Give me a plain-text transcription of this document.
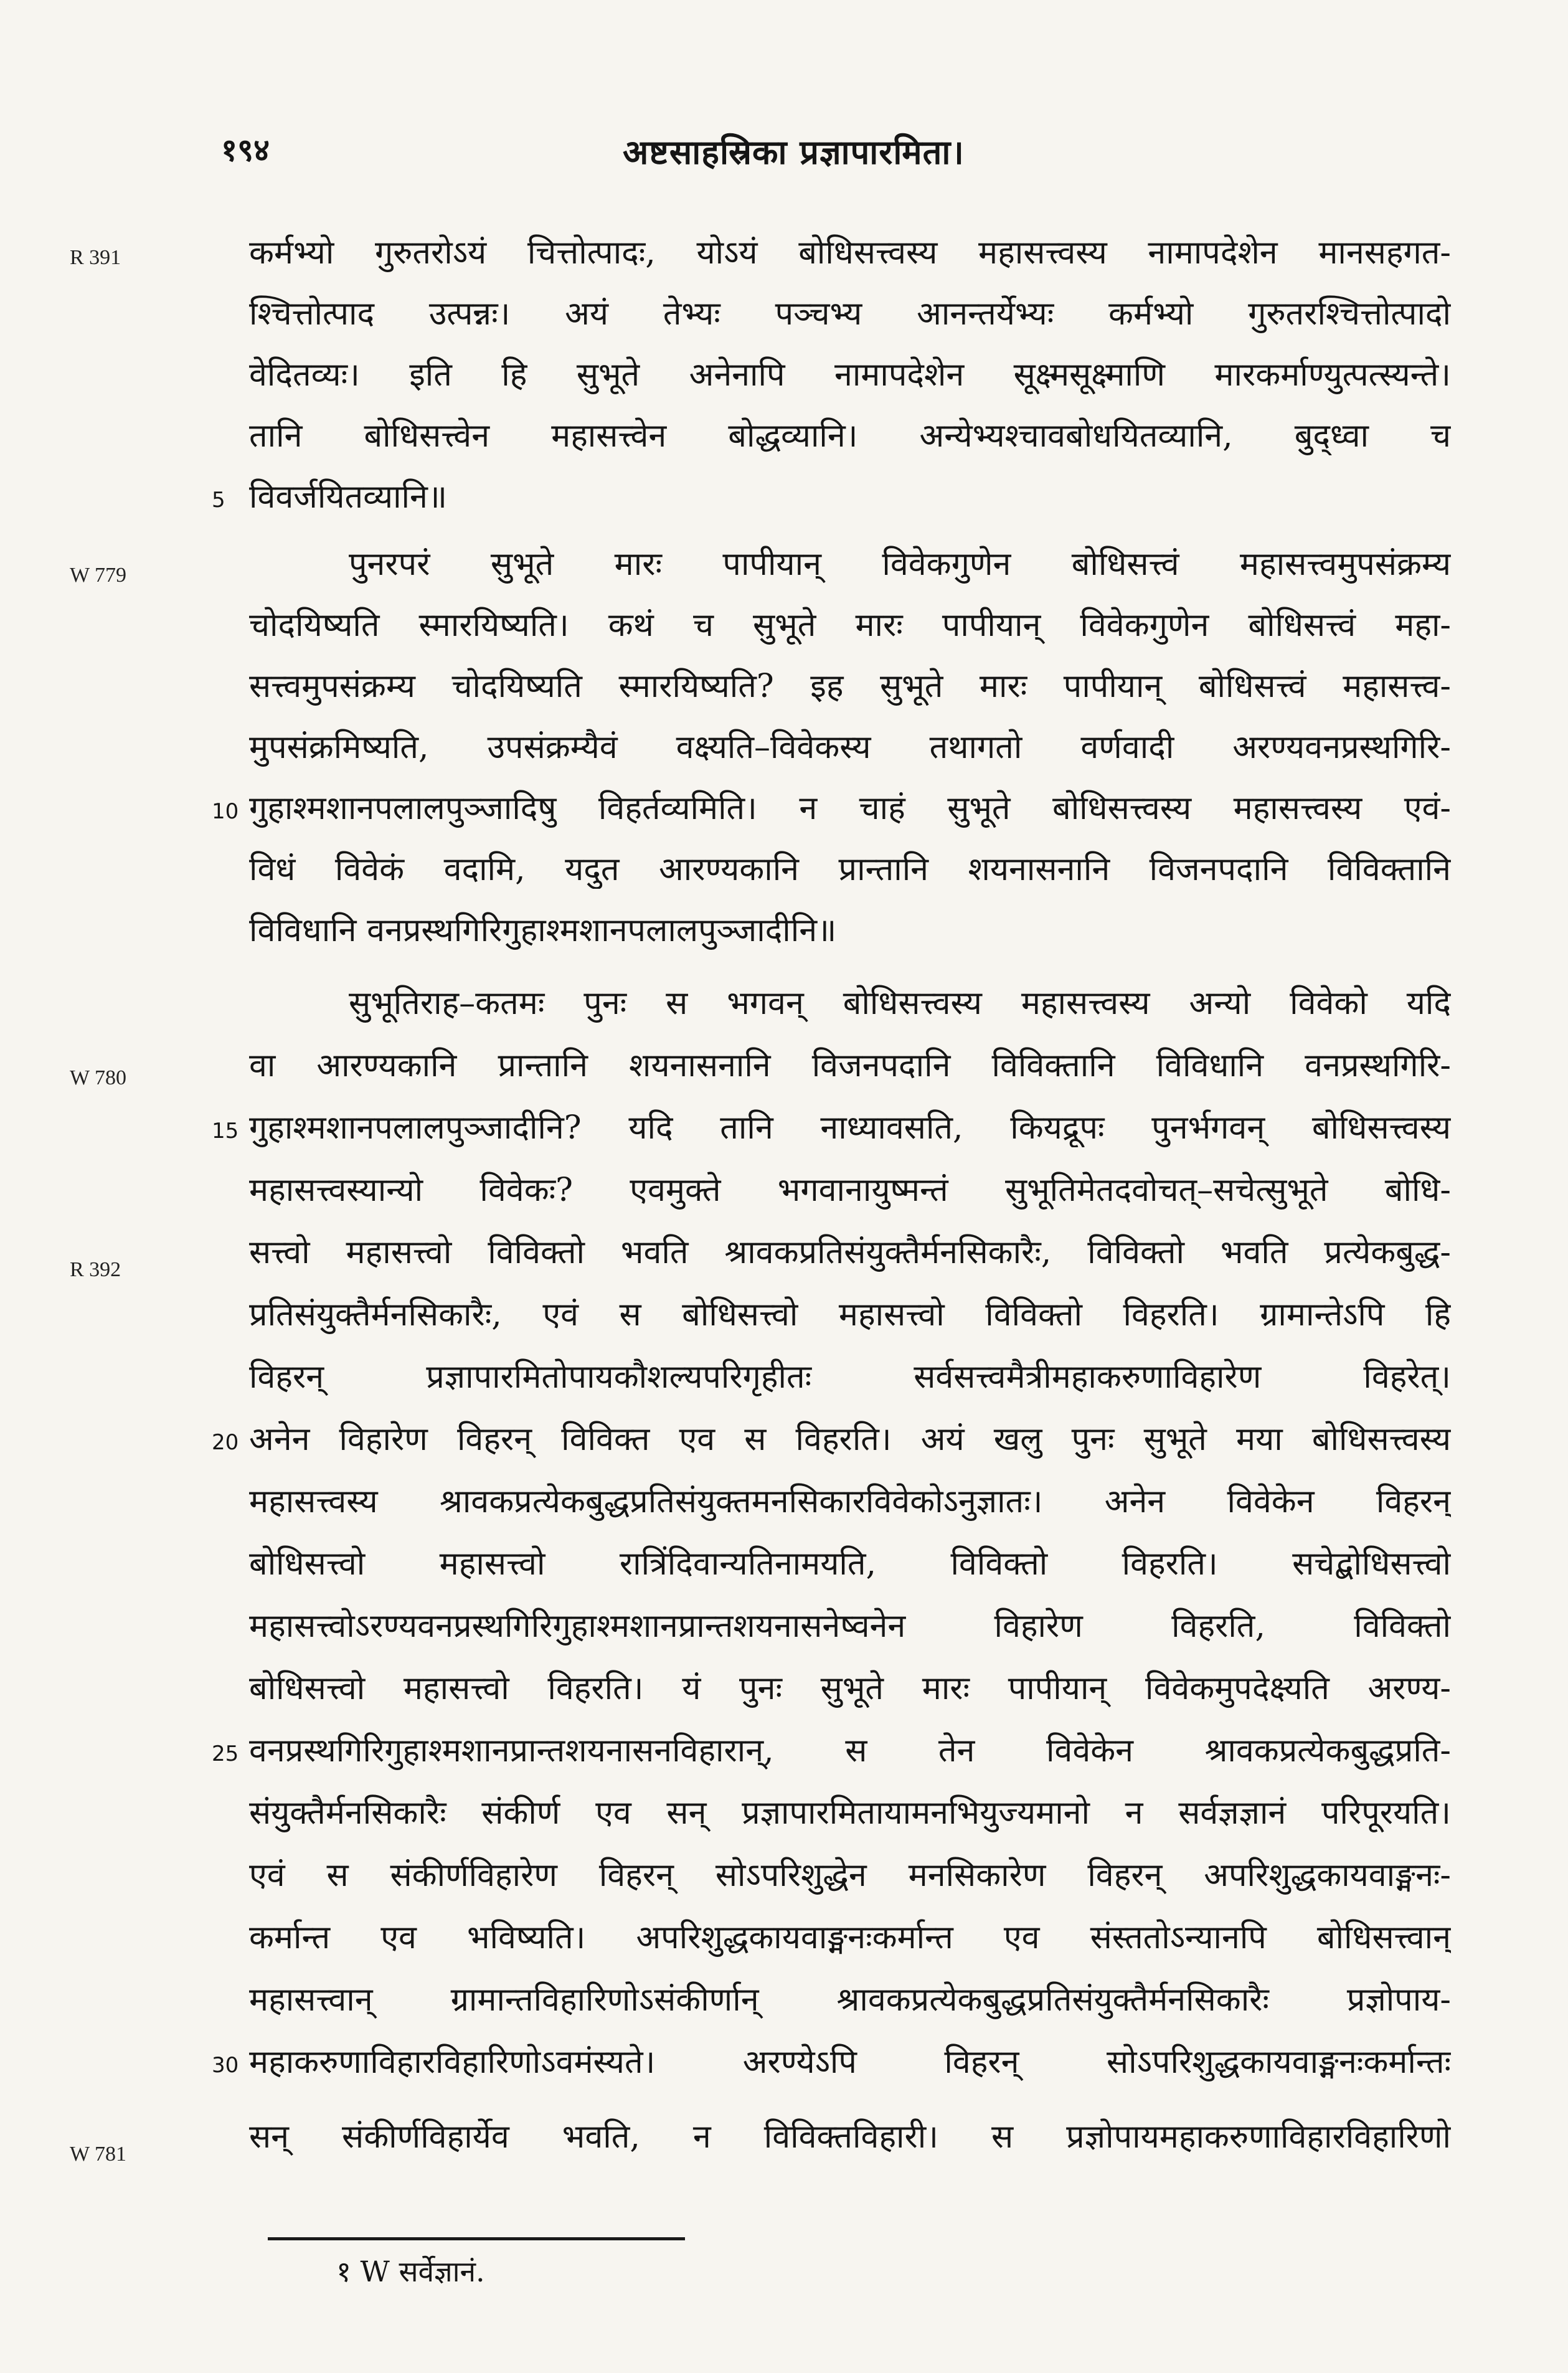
१९४	अष्टसाहस्रिका प्रज्ञापारमिता।
R 391
W 779
W 780
R 392
W 781
कर्मभ्यो गुरुतरोऽयं चित्तोत्पादः, योऽयं बोधिसत्त्वस्य महासत्त्वस्य नामापदेशेन मानसहगत-
श्चित्तोत्पाद उत्पन्नः। अयं तेभ्यः पञ्चभ्य आनन्तर्येभ्यः कर्मभ्यो गुरुतरश्चित्तोत्पादो
वेदितव्यः। इति हि सुभूते अनेनापि नामापदेशेन सूक्ष्मसूक्ष्माणि मारकर्माण्युत्पत्स्यन्ते।
तानि बोधिसत्त्वेन महासत्त्वेन बोद्धव्यानि। अन्येभ्यश्चावबोधयितव्यानि, बुद्ध्वा च
5 विवर्जयितव्यानि॥
पुनरपरं सुभूते मारः पापीयान् विवेकगुणेन बोधिसत्त्वं महासत्त्वमुपसंक्रम्य
चोदयिष्यति स्मारयिष्यति। कथं च सुभूते मारः पापीयान् विवेकगुणेन बोधिसत्त्वं महा-
सत्त्वमुपसंक्रम्य चोदयिष्यति स्मारयिष्यति? इह सुभूते मारः पापीयान् बोधिसत्त्वं महासत्त्व-
मुपसंक्रमिष्यति, उपसंक्रम्यैवं वक्ष्यति–विवेकस्य तथागतो वर्णवादी अरण्यवनप्रस्थगिरि-
10 गुहाश्मशानपलालपुञ्जादिषु विहर्तव्यमिति। न चाहं सुभूते बोधिसत्त्वस्य महासत्त्वस्य एवं-
विधं विवेकं वदामि, यदुत आरण्यकानि प्रान्तानि शयनासनानि विजनपदानि विविक्तानि
विविधानि वनप्रस्थगिरिगुहाश्मशानपलालपुञ्जादीनि॥
सुभूतिराह–कतमः पुनः स भगवन् बोधिसत्त्वस्य महासत्त्वस्य अन्यो विवेको यदि
वा आरण्यकानि प्रान्तानि शयनासनानि विजनपदानि विविक्तानि विविधानि वनप्रस्थगिरि-
15 गुहाश्मशानपलालपुञ्जादीनि? यदि तानि नाध्यावसति, कियद्रूपः पुनर्भगवन् बोधिसत्त्वस्य
महासत्त्वस्यान्यो विवेकः? एवमुक्ते भगवानायुष्मन्तं सुभूतिमेतदवोचत्–सचेत्सुभूते बोधि-
सत्त्वो महासत्त्वो विविक्तो भवति श्रावकप्रतिसंयुक्तैर्मनसिकारैः, विविक्तो भवति प्रत्येकबुद्ध-
प्रतिसंयुक्तैर्मनसिकारैः, एवं स बोधिसत्त्वो महासत्त्वो विविक्तो विहरति। ग्रामान्तेऽपि हि
विहरन् प्रज्ञापारमितोपायकौशल्यपरिगृहीतः सर्वसत्त्वमैत्रीमहाकरुणाविहारेण विहरेत्।
20 अनेन विहारेण विहरन् विविक्त एव स विहरति। अयं खलु पुनः सुभूते मया बोधिसत्त्वस्य
महासत्त्वस्य श्रावकप्रत्येकबुद्धप्रतिसंयुक्तमनसिकारविवेकोऽनुज्ञातः। अनेन विवेकेन विहरन्
बोधिसत्त्वो महासत्त्वो रात्रिंदिवान्यतिनामयति, विविक्तो विहरति। सचेद्बोधिसत्त्वो
महासत्त्वोऽरण्यवनप्रस्थगिरिगुहाश्मशानप्रान्तशयनासनेष्वनेन विहारेण विहरति, विविक्तो
बोधिसत्त्वो महासत्त्वो विहरति। यं पुनः सुभूते मारः पापीयान् विवेकमुपदेक्ष्यति अरण्य-
25 वनप्रस्थगिरिगुहाश्मशानप्रान्तशयनासनविहारान्, स तेन विवेकेन श्रावकप्रत्येकबुद्धप्रति-
संयुक्तैर्मनसिकारैः संकीर्ण एव सन् प्रज्ञापारमितायामनभियुज्यमानो न सर्वज्ञज्ञानं परिपूरयति।
एवं स संकीर्णविहारेण विहरन् सोऽपरिशुद्धेन मनसिकारेण विहरन् अपरिशुद्धकायवाङ्मनः-
कर्मान्त एव भविष्यति। अपरिशुद्धकायवाङ्मनःकर्मान्त एव संस्ततोऽन्यानपि बोधिसत्त्वान्
महासत्त्वान् ग्रामान्तविहारिणोऽसंकीर्णान् श्रावकप्रत्येकबुद्धप्रतिसंयुक्तैर्मनसिकारैः प्रज्ञोपाय-
30 महाकरुणाविहारविहारिणोऽवमंस्यते। अरण्येऽपि विहरन् सोऽपरिशुद्धकायवाङ्मनःकर्मान्तः
सन् संकीर्णविहार्येव भवति, न विविक्तविहारी। स प्रज्ञोपायमहाकरुणाविहारविहारिणो
१ W सर्वेज्ञानं.
